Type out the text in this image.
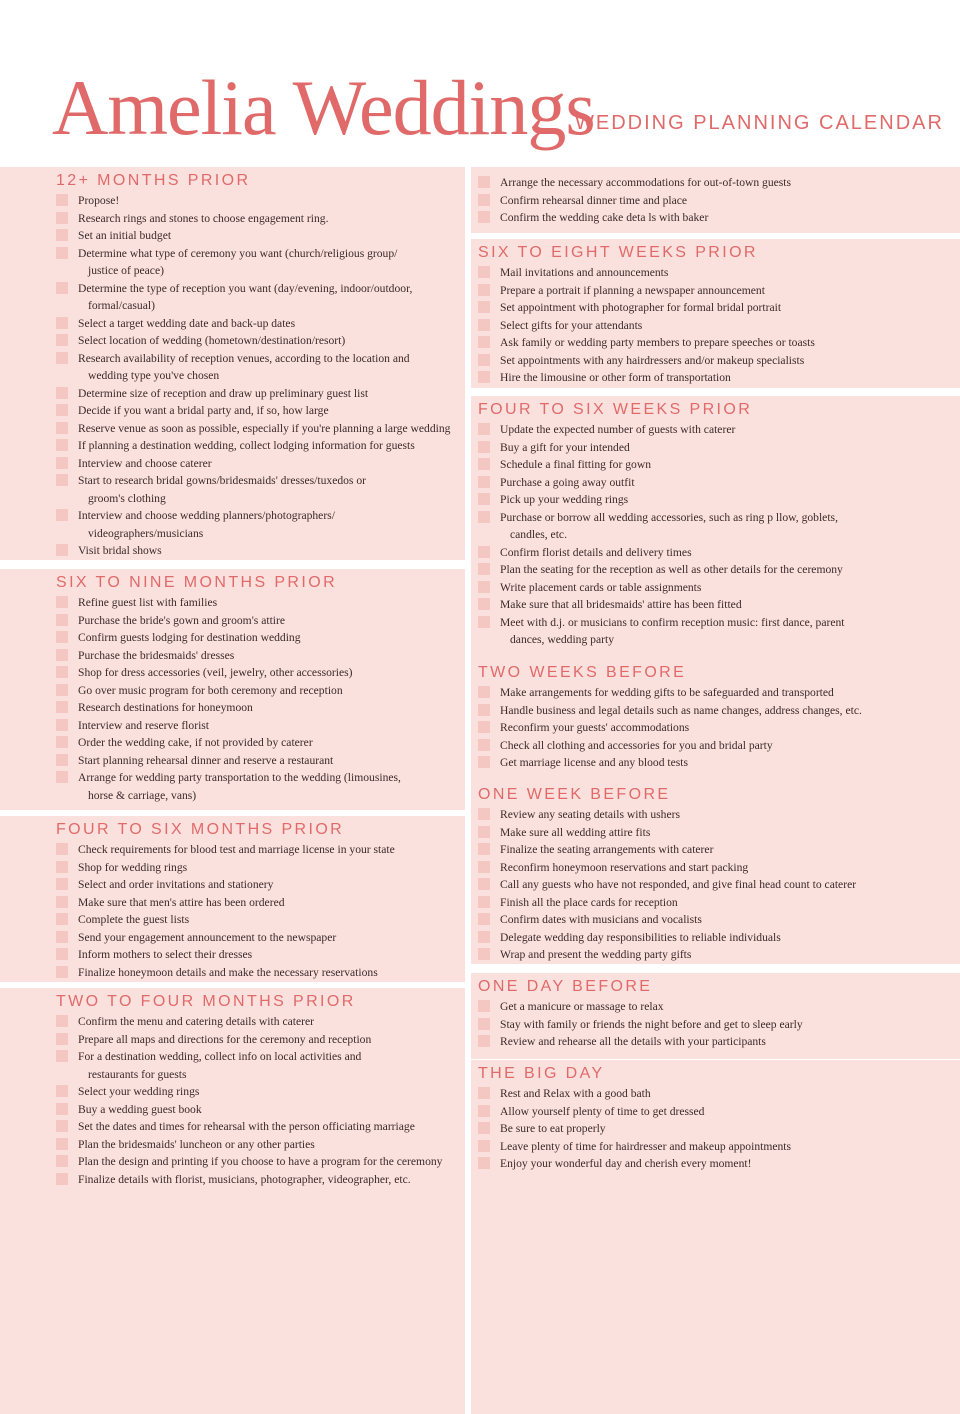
Amelia Weddings
WEDDING PLANNING CALENDAR
12+ MONTHS PRIOR
Propose!
Research rings and stones to choose engagement ring.
Set an initial budget
Determine what type of ceremony you want (church/religious group/
justice of peace)
Determine the type of reception you want (day/evening, indoor/outdoor,
formal/casual)
Select a target wedding date and back-up dates
Select location of wedding (hometown/destination/resort)
Research availability of reception venues, according to the location and
wedding type you've chosen
Determine size of reception and draw up preliminary guest list
Decide if you want a bridal party and, if so, how large
Reserve venue as soon as possible, especially if you're planning a large wedding
If planning a destination wedding, collect lodging information for guests
Interview and choose caterer
Start to research bridal gowns/bridesmaids' dresses/tuxedos or
groom's clothing
Interview and choose wedding planners/photographers/
videographers/musicians
Visit bridal shows
SIX TO NINE MONTHS PRIOR
Refine guest list with families
Purchase the bride's gown and groom's attire
Confirm guests lodging for destination wedding
Purchase the bridesmaids' dresses
Shop for dress accessories (veil, jewelry, other accessories)
Go over music program for both ceremony and reception
Research destinations for honeymoon
Interview and reserve florist
Order the wedding cake, if not provided by caterer
Start planning rehearsal dinner and reserve a restaurant
Arrange for wedding party transportation to the wedding (limousines,
horse & carriage, vans)
FOUR TO SIX MONTHS PRIOR
Check requirements for blood test and marriage license in your state
Shop for wedding rings
Select and order invitations and stationery
Make sure that men's attire has been ordered
Complete the guest lists
Send your engagement announcement to the newspaper
Inform mothers to select their dresses
Finalize honeymoon details and make the necessary reservations
TWO TO FOUR MONTHS PRIOR
Confirm the menu and catering details with caterer
Prepare all maps and directions for the ceremony and reception
For a destination wedding, collect info on local activities and
restaurants for guests
Select your wedding rings
Buy a wedding guest book
Set the dates and times for rehearsal with the person officiating marriage
Plan the bridesmaids' luncheon or any other parties
Plan the design and printing if you choose to have a program for the ceremony
Finalize details with florist, musicians, photographer, videographer, etc.
Arrange the necessary accommodations for out-of-town guests
Confirm rehearsal dinner time and place
Confirm the wedding cake deta ls with baker
SIX TO EIGHT WEEKS PRIOR
Mail invitations and announcements
Prepare a portrait if planning a newspaper announcement
Set appointment with photographer for formal bridal portrait
Select gifts for your attendants
Ask family or wedding party members to prepare speeches or toasts
Set appointments with any hairdressers and/or makeup specialists
Hire the limousine or other form of transportation
FOUR TO SIX WEEKS PRIOR
Update the expected number of guests with caterer
Buy a gift for your intended
Schedule a final fitting for gown
Purchase a going away outfit
Pick up your wedding rings
Purchase or borrow all wedding accessories, such as ring p llow, goblets,
candles, etc.
Confirm florist details and delivery times
Plan the seating for the reception as well as other details for the ceremony
Write placement cards or table assignments
Make sure that all bridesmaids' attire has been fitted
Meet with d.j. or musicians to confirm reception music: first dance, parent
dances, wedding party
TWO WEEKS BEFORE
Make arrangements for wedding gifts to be safeguarded and transported
Handle business and legal details such as name changes, address changes, etc.
Reconfirm your guests' accommodations
Check all clothing and accessories for you and bridal party
Get marriage license and any blood tests
ONE WEEK BEFORE
Review any seating details with ushers
Make sure all wedding attire fits
Finalize the seating arrangements with caterer
Reconfirm honeymoon reservations and start packing
Call any guests who have not responded, and give final head count to caterer
Finish all the place cards for reception
Confirm dates with musicians and vocalists
Delegate wedding day responsibilities to reliable individuals
Wrap and present the wedding party gifts
ONE DAY BEFORE
Get a manicure or massage to relax
Stay with family or friends the night before and get to sleep early
Review and rehearse all the details with your participants
THE BIG DAY
Rest and Relax with a good bath
Allow yourself plenty of time to get dressed
Be sure to eat properly
Leave plenty of time for hairdresser and makeup appointments
Enjoy your wonderful day and cherish every moment!
